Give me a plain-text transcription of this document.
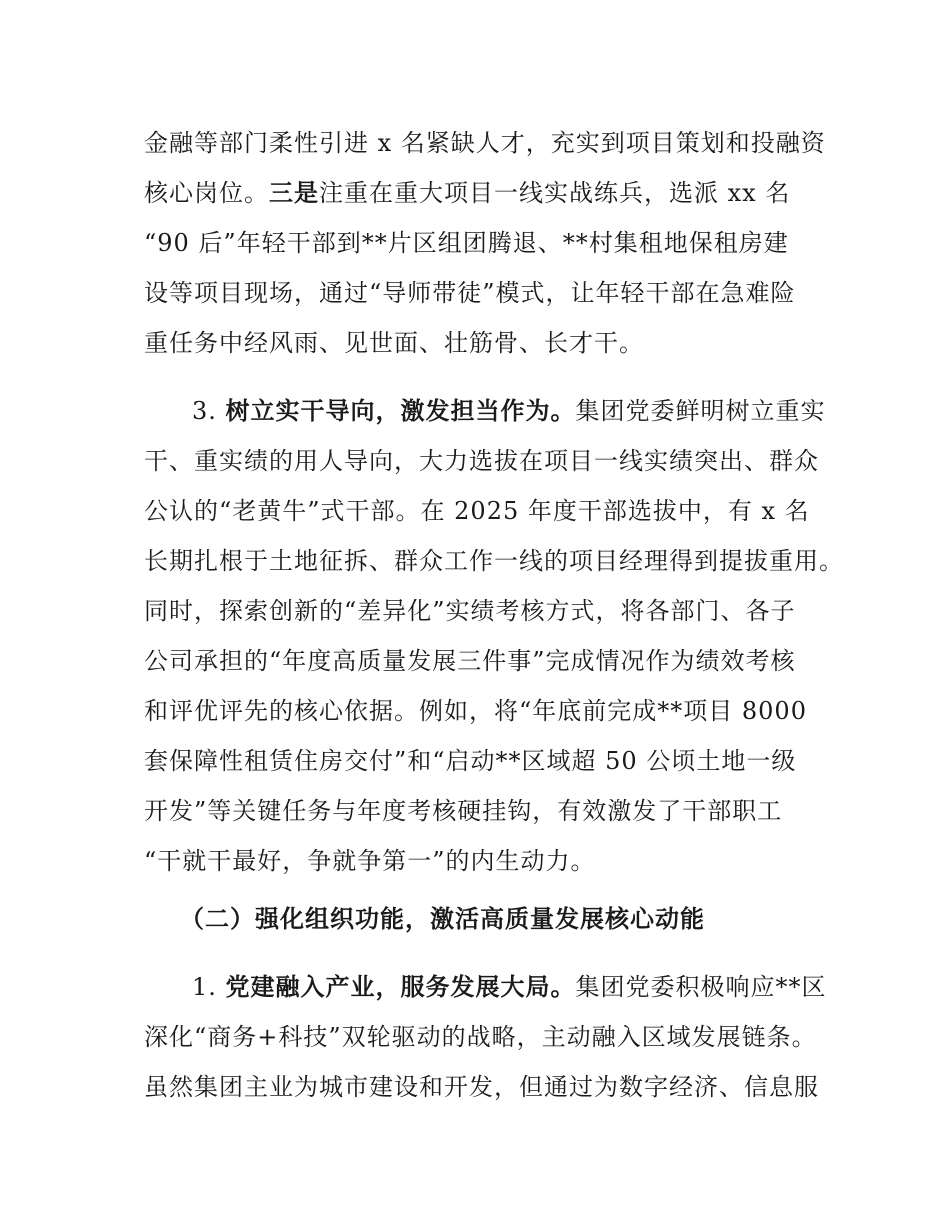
金融等部门柔性引进 x 名紧缺人才，充实到项目策划和投融资
核心岗位。三是注重在重大项目一线实战练兵，选派 xx 名
“90 后”年轻干部到**片区组团腾退、**村集租地保租房建
设等项目现场，通过“导师带徒”模式，让年轻干部在急难险
重任务中经风雨、见世面、壮筋骨、长才干。
3. 树立实干导向，激发担当作为。集团党委鲜明树立重实
干、重实绩的用人导向，大力选拔在项目一线实绩突出、群众
公认的“老黄牛”式干部。在 2025 年度干部选拔中，有 x 名
长期扎根于土地征拆、群众工作一线的项目经理得到提拔重用。
同时，探索创新的“差异化”实绩考核方式，将各部门、各子
公司承担的“年度高质量发展三件事”完成情况作为绩效考核
和评优评先的核心依据。例如，将“年底前完成**项目 8000
套保障性租赁住房交付”和“启动**区域超 50 公顷土地一级
开发”等关键任务与年度考核硬挂钩，有效激发了干部职工
“干就干最好，争就争第一”的内生动力。
（二）强化组织功能，激活高质量发展核心动能
1. 党建融入产业，服务发展大局。集团党委积极响应**区
深化“商务+科技”双轮驱动的战略，主动融入区域发展链条。
虽然集团主业为城市建设和开发，但通过为数字经济、信息服
